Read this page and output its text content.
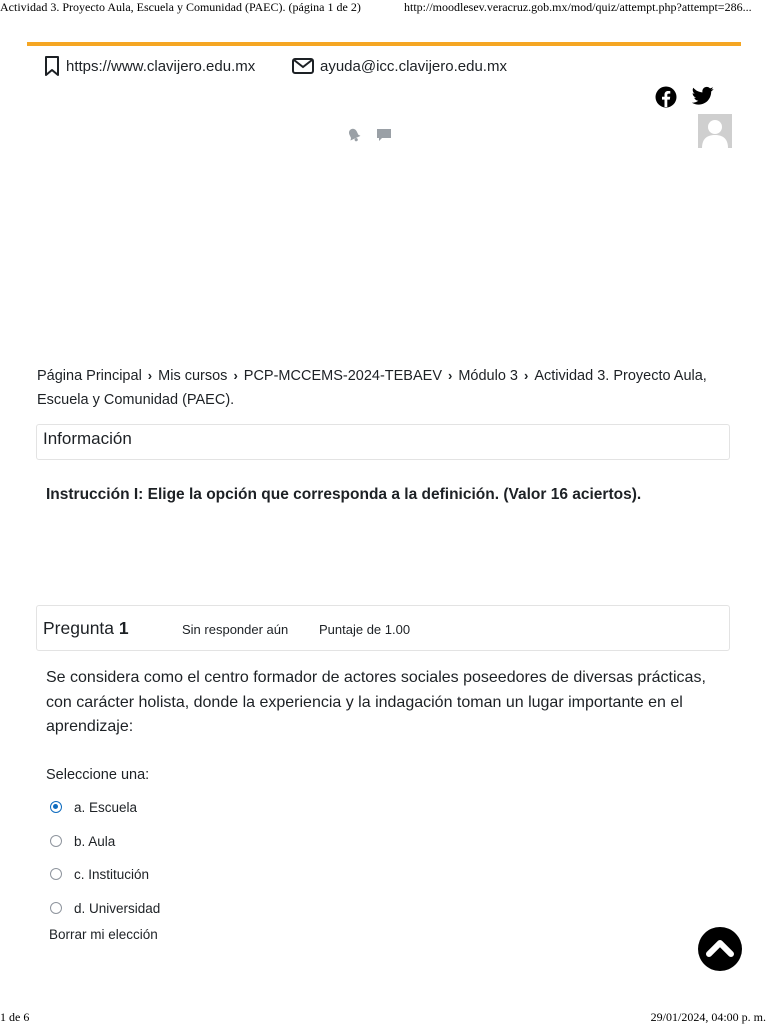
Actividad 3. Proyecto Aula, Escuela y Comunidad (PAEC). (página 1 de 2)	http://moodlesev.veracruz.gob.mx/mod/quiz/attempt.php?attempt=286...
https://www.clavijero.edu.mx	ayuda@icc.clavijero.edu.mx
Página Principal › Mis cursos › PCP-MCCEMS-2024-TEBAEV › Módulo 3 › Actividad 3. Proyecto Aula, Escuela y Comunidad (PAEC).
Información
Instrucción I: Elige la opción que corresponda a la definición. (Valor 16 aciertos).
Pregunta 1	Sin responder aún Puntaje de 1.00
Se considera como el centro formador de actores sociales poseedores de diversas prácticas, con carácter holista, donde la experiencia y la indagación toman un lugar importante en el aprendizaje:
Seleccione una:
a. Escuela
b. Aula
c. Institución
d. Universidad
Borrar mi elección
1 de 6	29/01/2024, 04:00 p. m.
